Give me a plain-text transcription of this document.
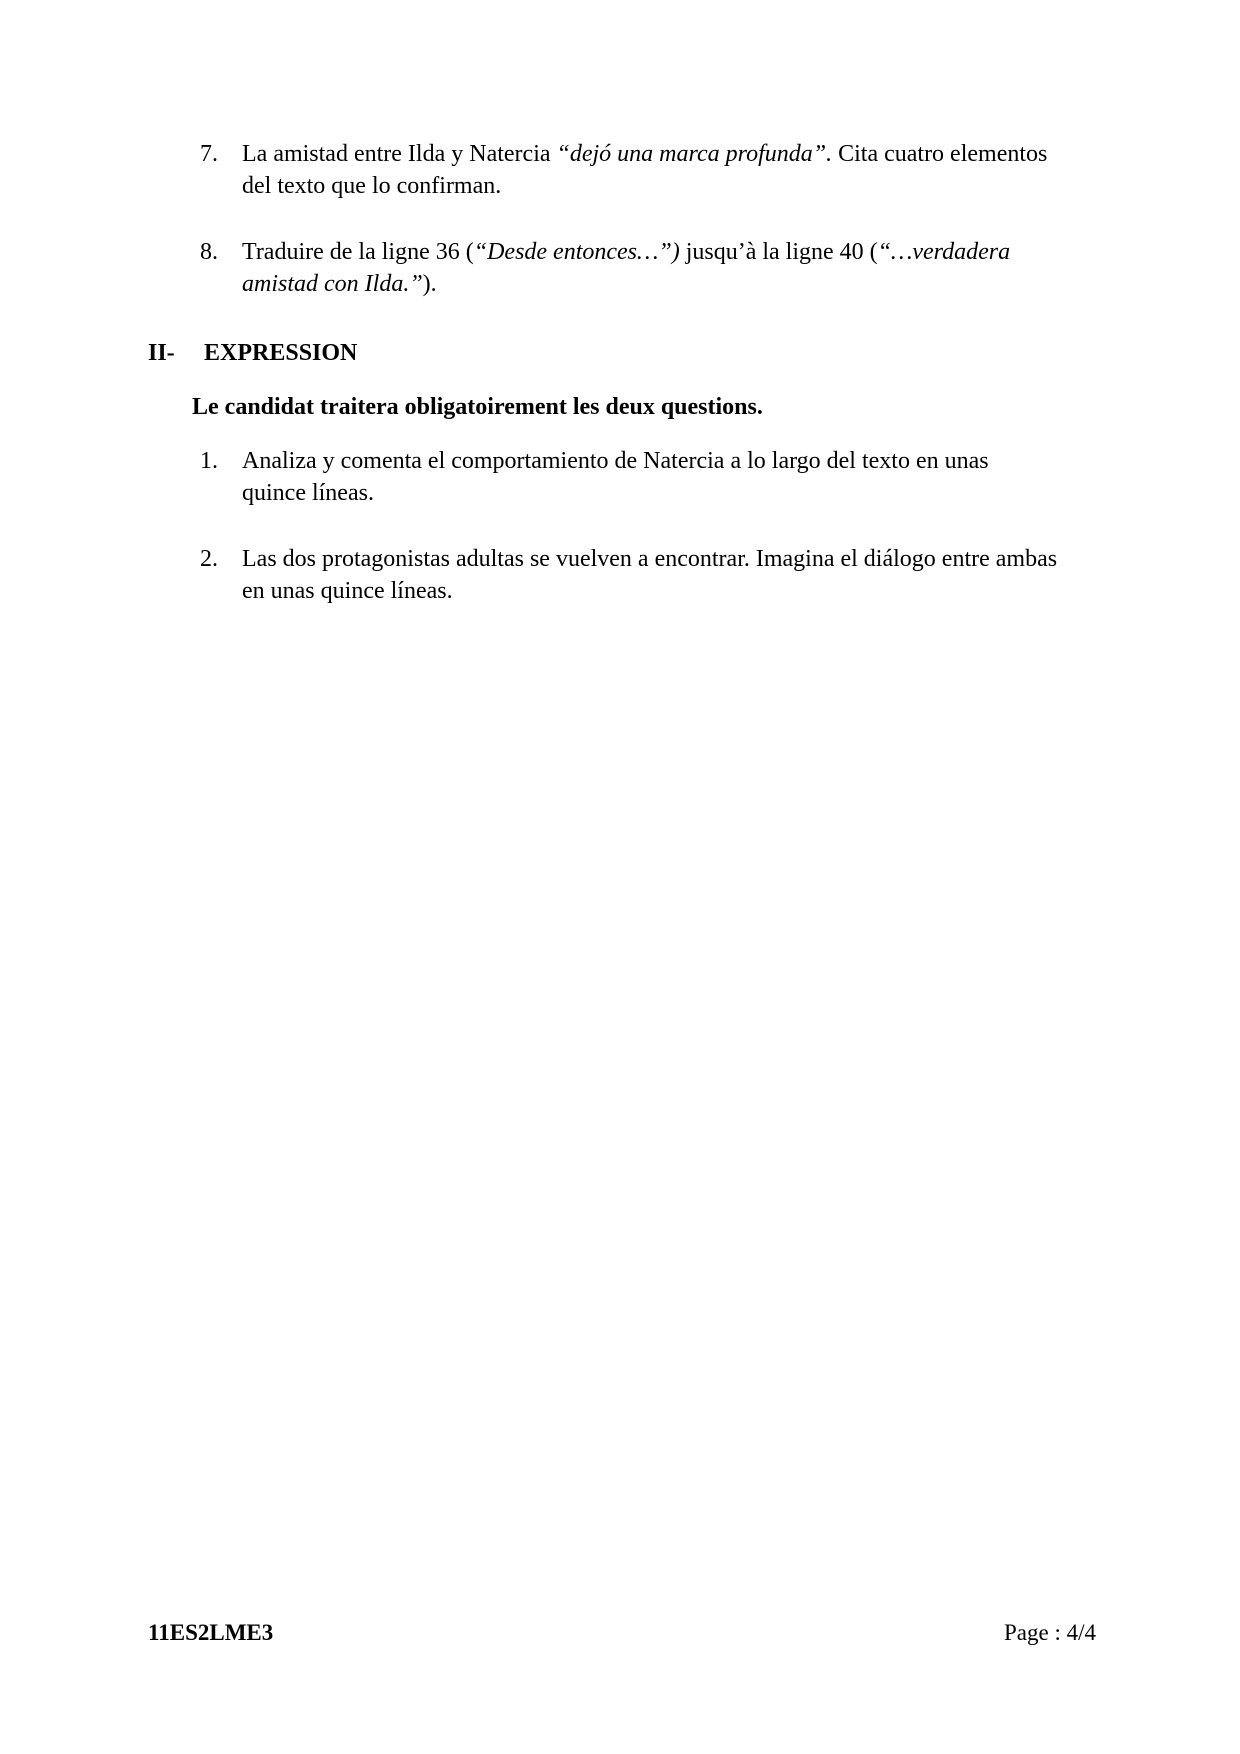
7. La amistad entre Ilda y Natercia “dejó una marca profunda”. Cita cuatro elementos
del texto que lo confirman.
8. Traduire de la ligne 36 (“Desde entonces…”) jusqu’à la ligne 40 (“…verdadera
amistad con Ilda.”).
II- EXPRESSION
Le candidat traitera obligatoirement les deux questions.
1. Analiza y comenta el comportamiento de Natercia a lo largo del texto en unas
quince líneas.
2. Las dos protagonistas adultas se vuelven a encontrar. Imagina el diálogo entre ambas
en unas quince líneas.
11ES2LME3	Page : 4/4
